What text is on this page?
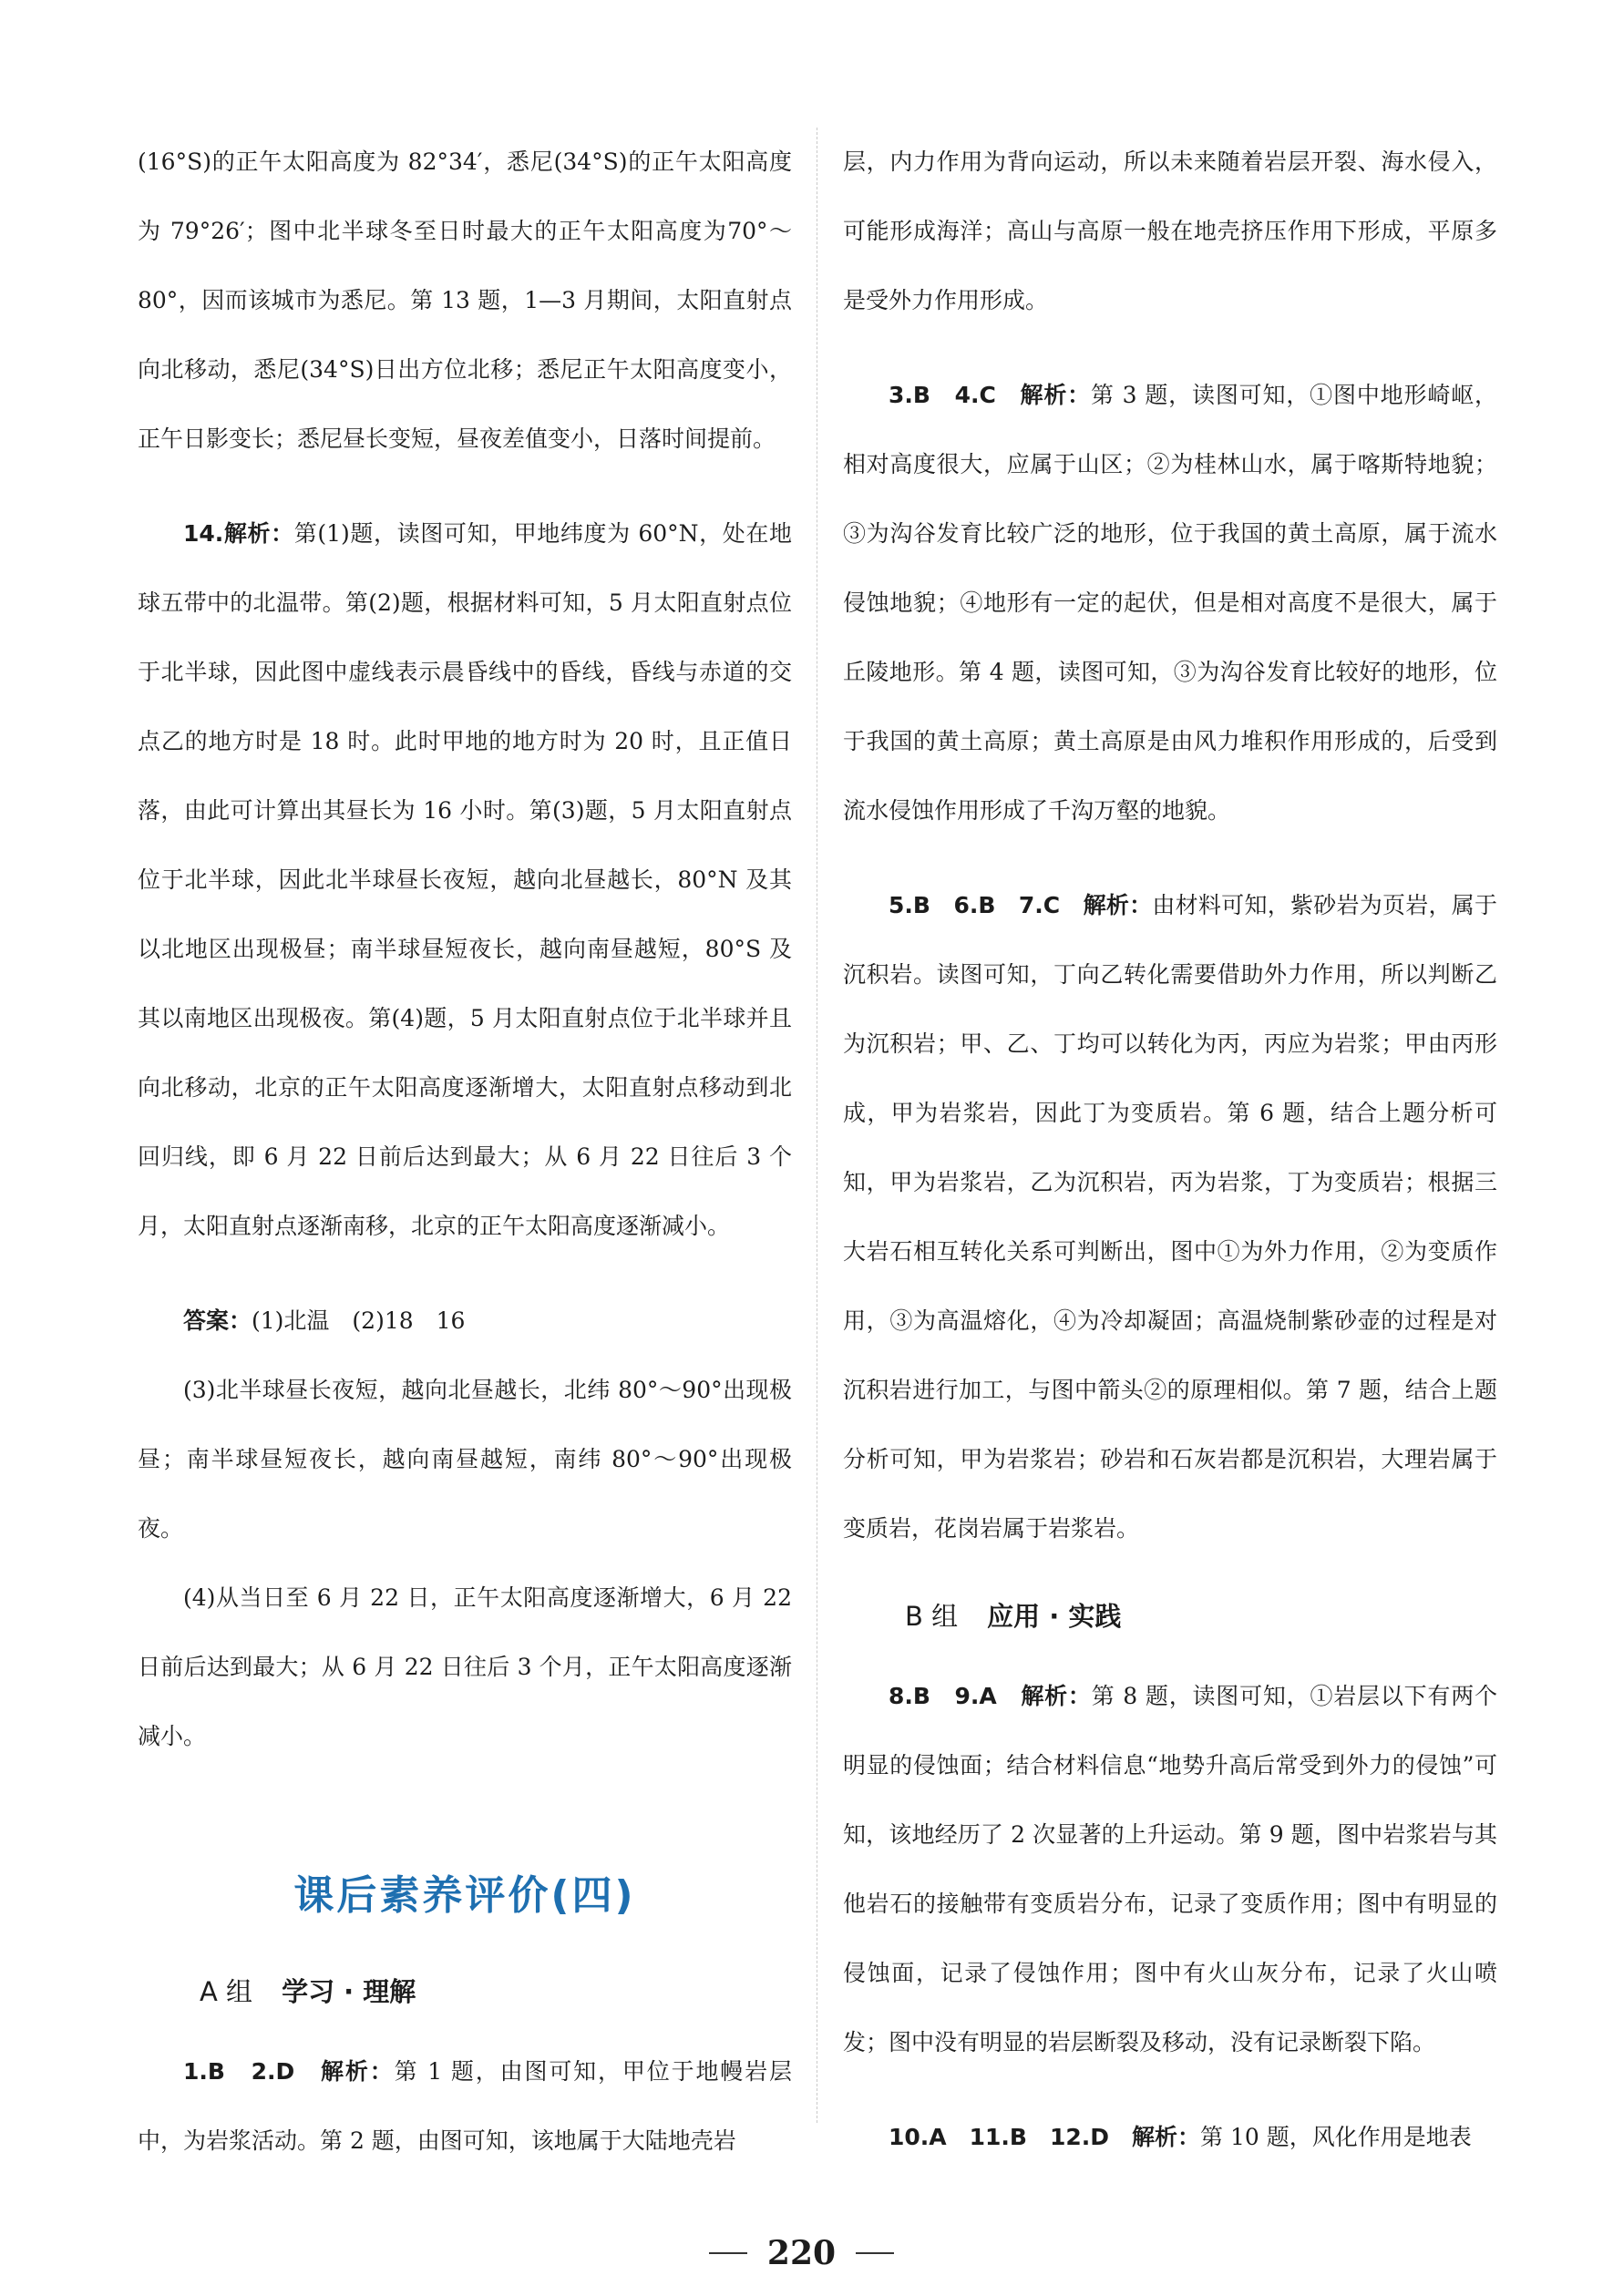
(16°S)的正午太阳高度为 82°34′，悉尼(34°S)的正午太阳高度为 79°26′；图中北半球冬至日时最大的正午太阳高度为70°～80°，因而该城市为悉尼。第 13 题，1—3 月期间，太阳直射点向北移动，悉尼(34°S)日出方位北移；悉尼正午太阳高度变小，正午日影变长；悉尼昼长变短，昼夜差值变小，日落时间提前。

14.解析：第(1)题，读图可知，甲地纬度为 60°N，处在地球五带中的北温带。第(2)题，根据材料可知，5 月太阳直射点位于北半球，因此图中虚线表示晨昏线中的昏线，昏线与赤道的交点乙的地方时是 18 时。此时甲地的地方时为 20 时，且正值日落，由此可计算出其昼长为 16 小时。第(3)题，5 月太阳直射点位于北半球，因此北半球昼长夜短，越向北昼越长，80°N 及其以北地区出现极昼；南半球昼短夜长，越向南昼越短，80°S 及其以南地区出现极夜。第(4)题，5 月太阳直射点位于北半球并且向北移动，北京的正午太阳高度逐渐增大，太阳直射点移动到北回归线，即 6 月 22 日前后达到最大；从 6 月 22 日往后 3 个月，太阳直射点逐渐南移，北京的正午太阳高度逐渐减小。

答案：(1)北温　(2)18　16

(3)北半球昼长夜短，越向北昼越长，北纬 80°～90°出现极昼；南半球昼短夜长，越向南昼越短，南纬 80°～90°出现极夜。

(4)从当日至 6 月 22 日，正午太阳高度逐渐增大，6 月 22 日前后达到最大；从 6 月 22 日往后 3 个月，正午太阳高度逐渐减小。

课后素养评价(四)
A 组 学习 · 理解

1.B　2.D　解析：第 1 题，由图可知，甲位于地幔岩层中，为岩浆活动。第 2 题，由图可知，该地属于大陆地壳岩

层，内力作用为背向运动，所以未来随着岩层开裂、海水侵入，可能形成海洋；高山与高原一般在地壳挤压作用下形成，平原多是受外力作用形成。

3.B　4.C　解析：第 3 题，读图可知，①图中地形崎岖，相对高度很大，应属于山区；②为桂林山水，属于喀斯特地貌；③为沟谷发育比较广泛的地形，位于我国的黄土高原，属于流水侵蚀地貌；④地形有一定的起伏，但是相对高度不是很大，属于丘陵地形。第 4 题，读图可知，③为沟谷发育比较好的地形，位于我国的黄土高原；黄土高原是由风力堆积作用形成的，后受到流水侵蚀作用形成了千沟万壑的地貌。

5.B　6.B　7.C　解析：由材料可知，紫砂岩为页岩，属于沉积岩。读图可知，丁向乙转化需要借助外力作用，所以判断乙为沉积岩；甲、乙、丁均可以转化为丙，丙应为岩浆；甲由丙形成，甲为岩浆岩，因此丁为变质岩。第 6 题，结合上题分析可知，甲为岩浆岩，乙为沉积岩，丙为岩浆，丁为变质岩；根据三大岩石相互转化关系可判断出，图中①为外力作用，②为变质作用，③为高温熔化，④为冷却凝固；高温烧制紫砂壶的过程是对沉积岩进行加工，与图中箭头②的原理相似。第 7 题，结合上题分析可知，甲为岩浆岩；砂岩和石灰岩都是沉积岩，大理岩属于变质岩，花岗岩属于岩浆岩。

B 组 应用 · 实践

8.B　9.A　解析：第 8 题，读图可知，①岩层以下有两个明显的侵蚀面；结合材料信息“地势升高后常受到外力的侵蚀”可知，该地经历了 2 次显著的上升运动。第 9 题，图中岩浆岩与其他岩石的接触带有变质岩分布，记录了变质作用；图中有明显的侵蚀面，记录了侵蚀作用；图中有火山灰分布，记录了火山喷发；图中没有明显的岩层断裂及移动，没有记录断裂下陷。

10.A　11.B　12.D　解析：第 10 题，风化作用是地表

220
